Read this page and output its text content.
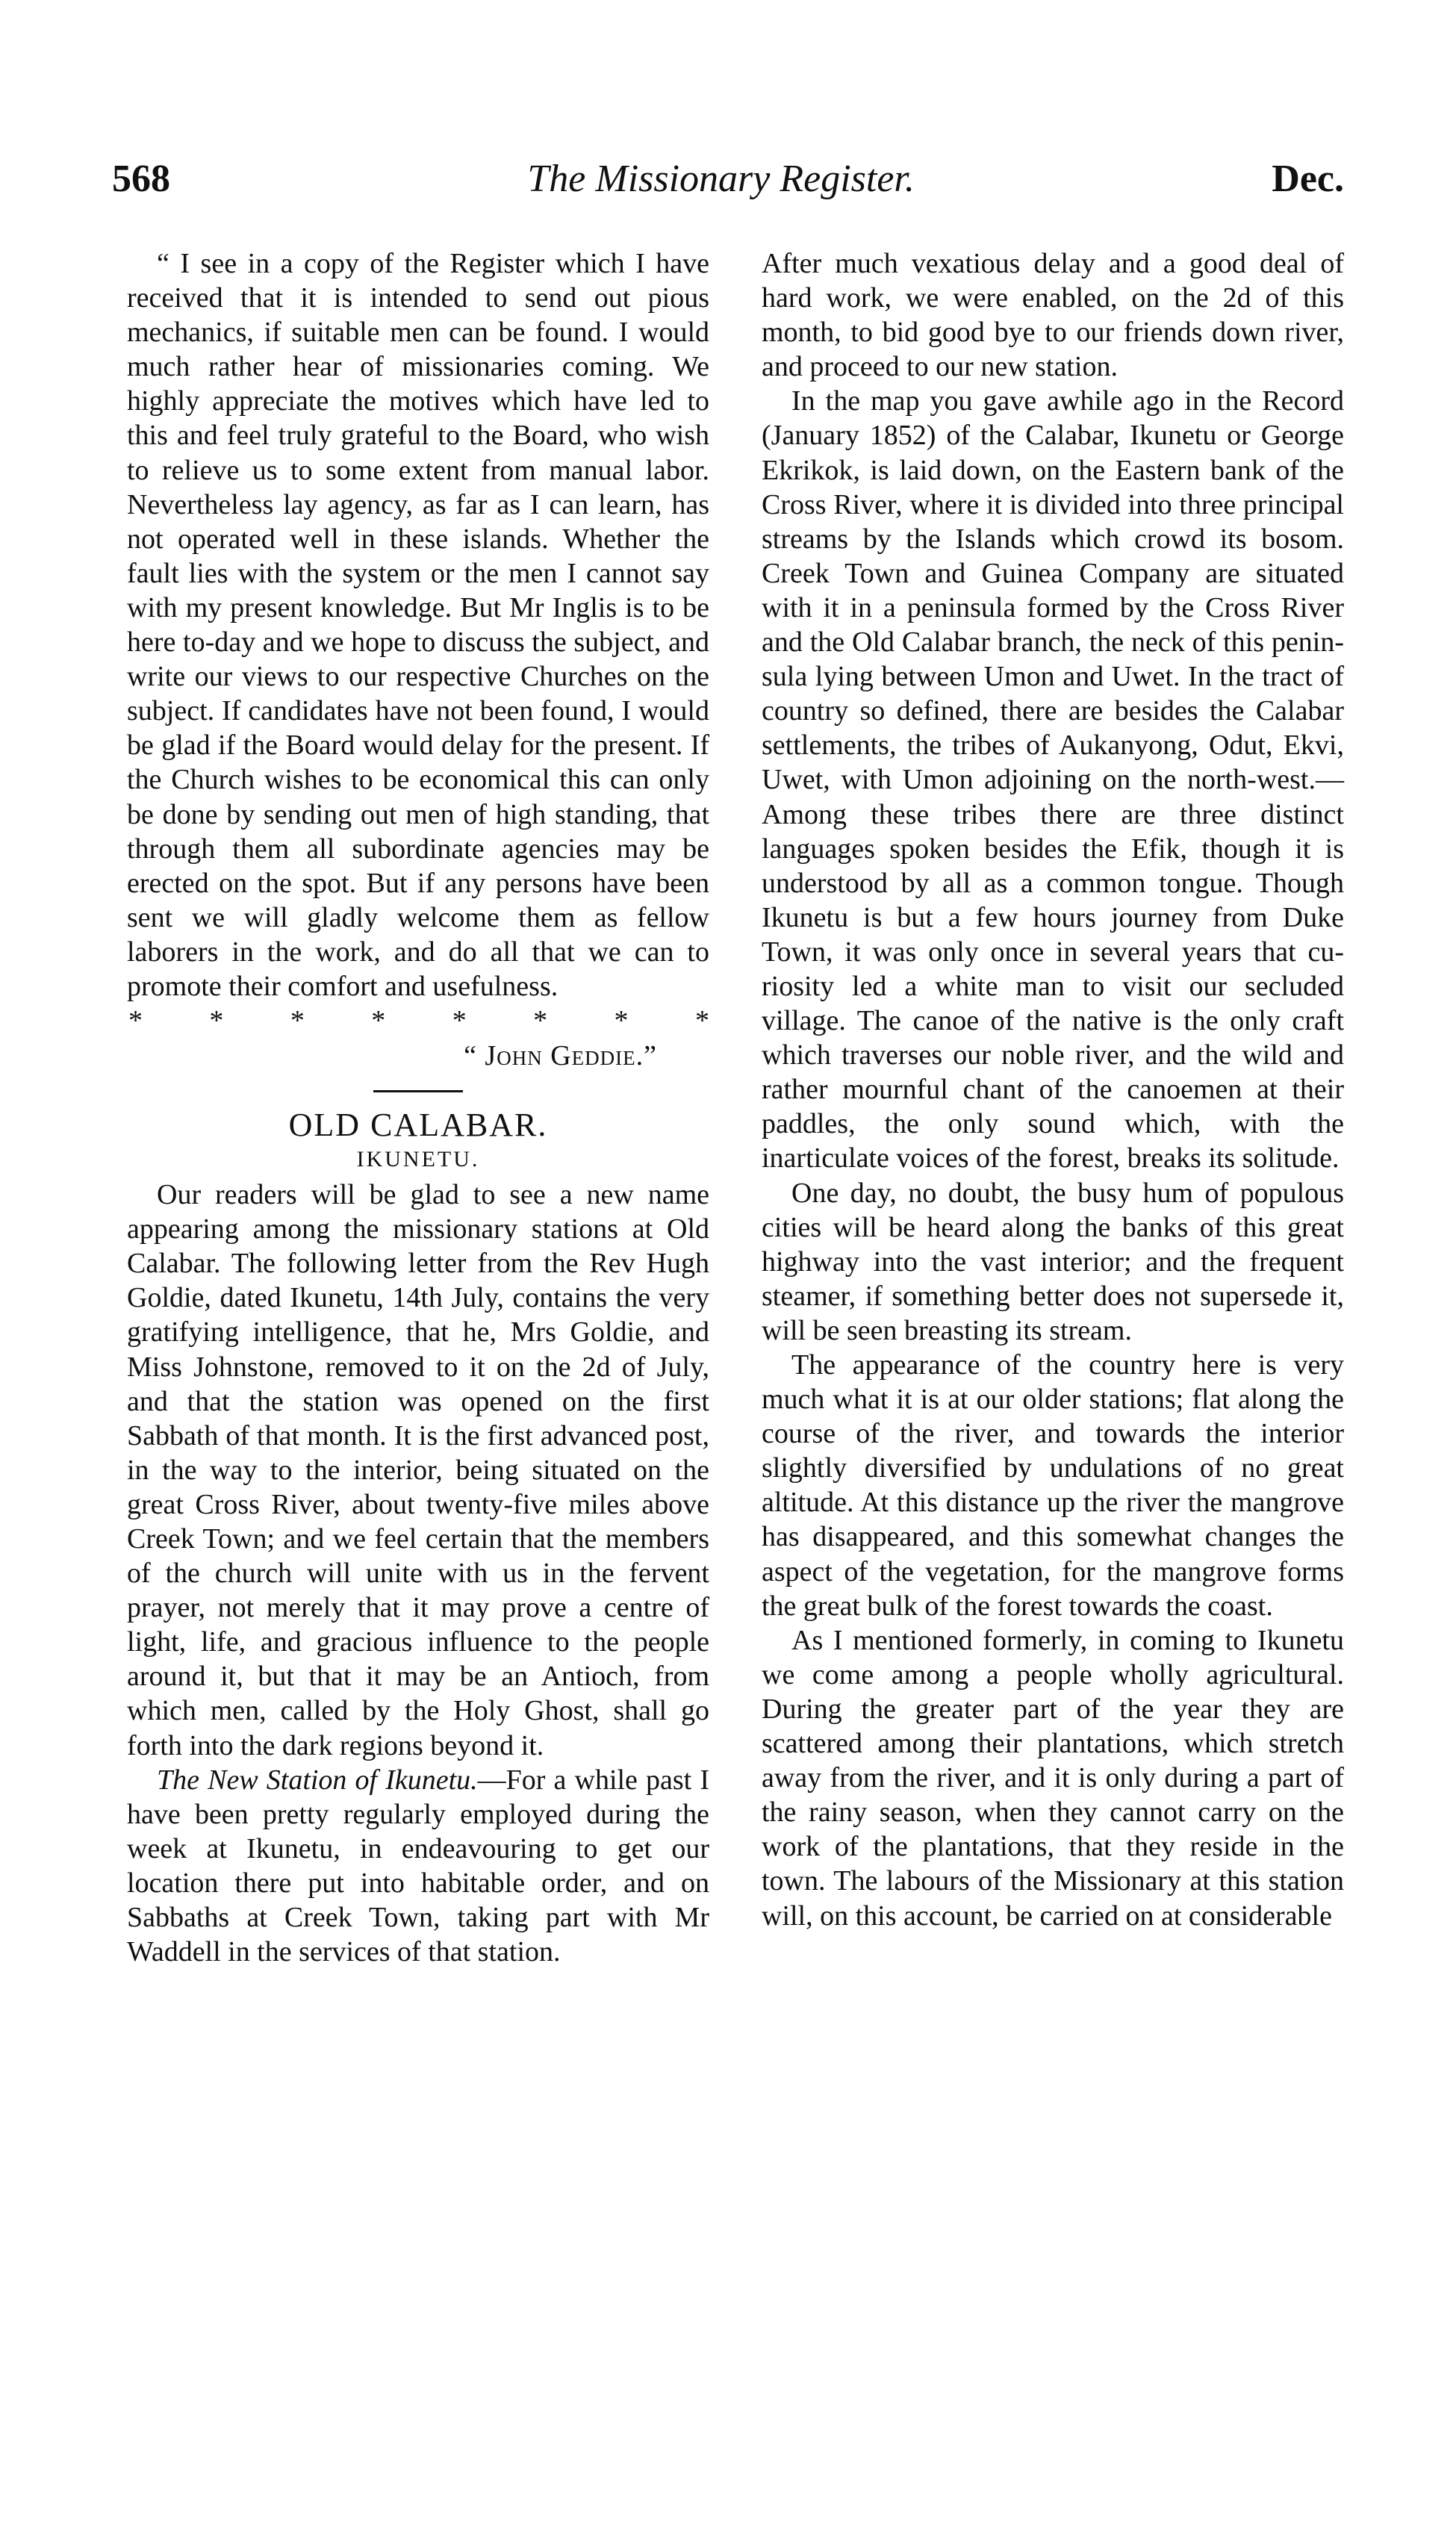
568	The Missionary Register.	Dec.

“ I see in a copy of the Register which I have received that it is intended to send out pious mechanics, if suitable men can be found. I would much rather hear of missionaries coming. We highly appreciate the motives which have led to this and feel truly grateful to the Board, who wish to relieve us to some extent from manual labor. Nevertheless lay agency, as far as I can learn, has not operated well in these islands. Whether the fault lies with the system or the men I cannot say with my present knowledge. But Mr Inglis is to be here to-day and we hope to discuss the subject, and write our views to our respective Churches on the subject. If candidates have not been found, I would be glad if the Board would delay for the present. If the Church wishes to be economical this can only be done by sending out men of high standing, that through them all subordinate agencies may be erected on the spot. But if any persons have been sent we will gladly welcome them as fellow laborers in the work, and do all that we can to promote their comfort and usefulness.

* * * * * * * *
“ John Geddie.”
OLD CALABAR.
IKUNETU.

Our readers will be glad to see a new name appearing among the missionary stations at Old Calabar. The following letter from the Rev Hugh Goldie, dated Ikunetu, 14th July, contains the very gratifying intelligence, that he, Mrs Goldie, and Miss Johnstone, removed to it on the 2d of July, and that the station was opened on the first Sabbath of that month. It is the first advanced post, in the way to the interior, being situated on the great Cross River, about twenty-five miles above Creek Town; and we feel certain that the members of the church will unite with us in the fervent prayer, not merely that it may prove a centre of light, life, and gracious influence to the people around it, but that it may be an Antioch, from which men, called by the Holy Ghost, shall go forth into the dark regions beyond it.

The New Station of Ikunetu.—For a while past I have been pretty regularly employed during the week at Ikunetu, in endeavouring to get our location there put into habitable order, and on Sabbaths at Creek Town, taking part with Mr Waddell in the services of that station.

After much vexatious delay and a good deal of hard work, we were enabled, on the 2d of this month, to bid good bye to our friends down river, and proceed to our new station.

In the map you gave awhile ago in the Record (January 1852) of the Calabar, Ikunetu or George Ekrikok, is laid down, on the Eastern bank of the Cross River, where it is divided into three principal streams by the Islands which crowd its bosom. Creek Town and Guinea Company are situated with it in a peninsula formed by the Cross River and the Old Calabar branch, the neck of this peninsula lying between Umon and Uwet. In the tract of country so defined, there are besides the Calabar settlements, the tribes of Aukanyong, Odut, Ekvi, Uwet, with Umon adjoining on the north-west.—Among these tribes there are three distinct languages spoken besides the Efik, though it is understood by all as a common tongue. Though Ikunetu is but a few hours journey from Duke Town, it was only once in several years that curiosity led a white man to visit our secluded village. The canoe of the native is the only craft which traverses our noble river, and the wild and rather mournful chant of the canoemen at their paddles, the only sound which, with the inarticulate voices of the forest, breaks its solitude.

One day, no doubt, the busy hum of populous cities will be heard along the banks of this great highway into the vast interior; and the frequent steamer, if something better does not supersede it, will be seen breasting its stream.

The appearance of the country here is very much what it is at our older stations; flat along the course of the river, and towards the interior slightly diversified by undulations of no great altitude. At this distance up the river the mangrove has disappeared, and this somewhat changes the aspect of the vegetation, for the mangrove forms the great bulk of the forest towards the coast.

As I mentioned formerly, in coming to Ikunetu we come among a people wholly agricultural. During the greater part of the year they are scattered among their plantations, which stretch away from the river, and it is only during a part of the rainy season, when they cannot carry on the work of the plantations, that they reside in the town. The labours of the Missionary at this station will, on this account, be carried on at considerable
